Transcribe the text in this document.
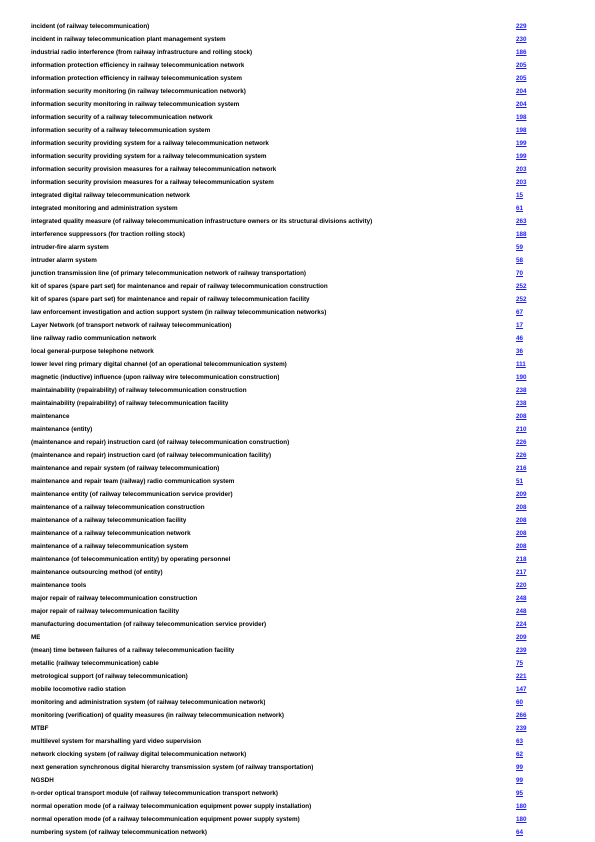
incident (of railway telecommunication)	229
incident in railway telecommunication plant management system	230
industrial radio interference (from railway infrastructure and rolling stock)	186
information protection efficiency in railway telecommunication network	205
information protection efficiency in railway telecommunication system	205
information security monitoring (in railway telecommunication network)	204
information security monitoring in railway telecommunication system	204
information security of a railway telecommunication network	198
information security of a railway telecommunication system	198
information security providing system for a railway telecommunication network	199
information security providing system for a railway telecommunication system	199
information security provision measures for a railway telecommunication network	203
information security provision measures for a railway telecommunication system	203
integrated digital railway telecommunication network	15
integrated monitoring and administration system	61
integrated quality measure (of railway telecommunication infrastructure owners or its structural divisions activity)	263
interference suppressors (for traction rolling stock)	188
intruder-fire alarm system	59
intruder alarm system	58
junction transmission line (of primary telecommunication network of railway transportation)	70
kit of spares (spare part set) for maintenance and repair of railway telecommunication construction	252
kit of spares (spare part set) for maintenance and repair of railway telecommunication facility	252
law enforcement investigation and action support system (in railway telecommunication networks)	67
Layer Network (of transport network of railway telecommunication)	17
line railway radio communication network	46
local general-purpose telephone network	36
lower level ring primary digital channel (of an operational telecommunication system)	111
magnetic (inductive) influence (upon railway wire telecommunication construction)	190
maintainability (repairability) of railway telecommunication construction	238
maintainability (repairability) of railway telecommunication facility	238
maintenance	208
maintenance (entity)	210
(maintenance and repair) instruction card (of railway telecommunication construction)	226
(maintenance and repair) instruction card (of railway telecommunication facility)	226
maintenance and repair system (of railway telecommunication)	216
maintenance and repair team (railway) radio communication system	51
maintenance entity (of railway telecommunication service provider)	209
maintenance of a railway telecommunication construction	208
maintenance of a railway telecommunication facility	208
maintenance of a railway telecommunication network	208
maintenance of a railway telecommunication system	208
maintenance (of telecommunication entity) by operating personnel	218
maintenance outsourcing method (of entity)	217
maintenance tools	220
major repair of railway telecommunication construction	248
major repair of railway telecommunication facility	248
manufacturing documentation (of railway telecommunication service provider)	224
ME	209
(mean) time between failures of a railway telecommunication facility	239
metallic (railway telecommunication) cable	75
metrological support (of railway telecommunication)	221
mobile locomotive radio station	147
monitoring and administration system (of railway telecommunication network)	60
monitoring (verification) of quality measures (in railway telecommunication network)	266
MTBF	239
multilevel system for marshalling yard video supervision	63
network clocking system (of railway digital telecommunication network)	62
next generation synchronous digital hierarchy transmission system (of railway transportation)	99
NGSDH	99
n-order optical transport module (of railway telecommunication transport network)	95
normal operation mode (of a railway telecommunication equipment power supply installation)	180
normal operation mode (of a railway telecommunication equipment power supply system)	180
numbering system (of railway telecommunication network)	64
